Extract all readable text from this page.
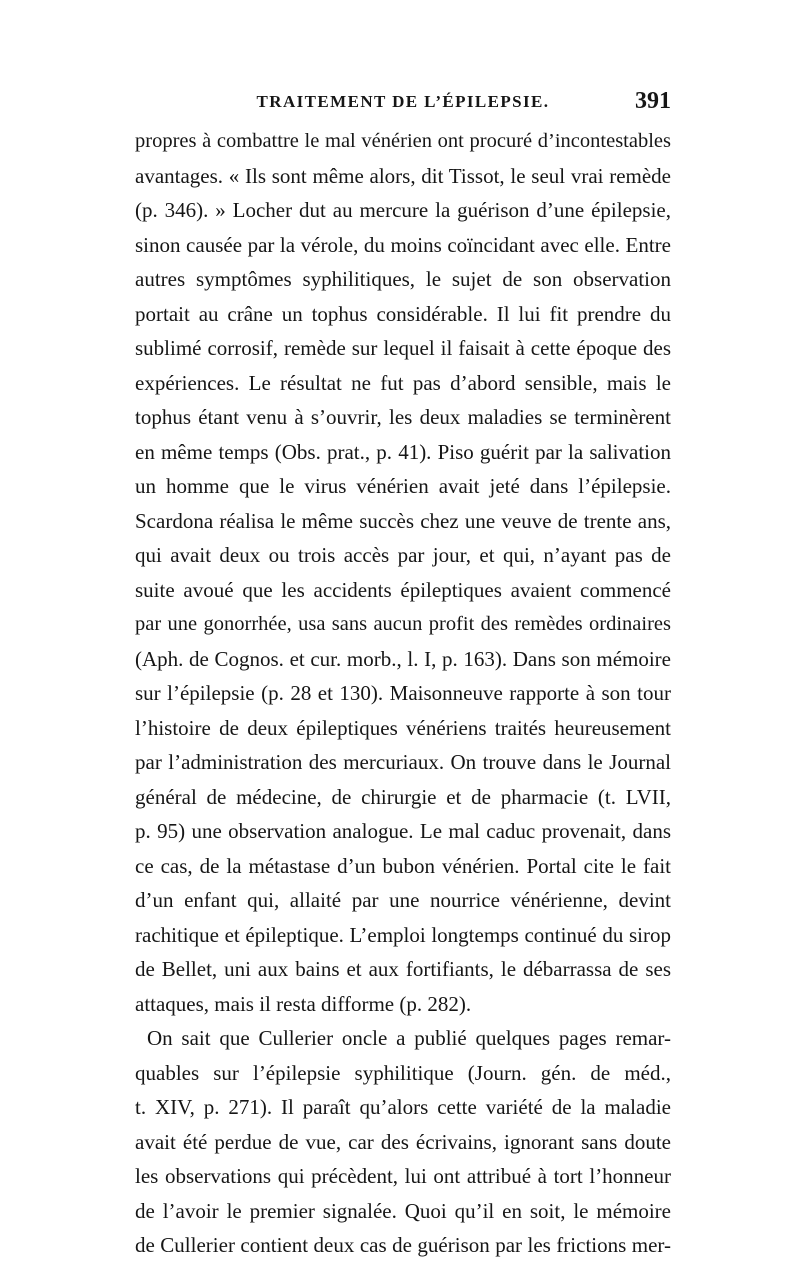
TRAITEMENT DE L’ÉPILEPSIE.	391
propres à combattre le mal vénérien ont procuré d’incontestables
avantages. « Ils sont même alors, dit Tissot, le seul vrai remède
(p. 346). » Locher dut au mercure la guérison d’une épilepsie,
sinon causée par la vérole, du moins coïncidant avec elle. Entre
autres symptômes syphilitiques, le sujet de son observation
portait au crâne un tophus considérable. Il lui fit prendre du
sublimé corrosif, remède sur lequel il faisait à cette époque des
expériences. Le résultat ne fut pas d’abord sensible, mais le
tophus étant venu à s’ouvrir, les deux maladies se terminèrent
en même temps (Obs. prat., p. 41). Piso guérit par la salivation
un homme que le virus vénérien avait jeté dans l’épilepsie.
Scardona réalisa le même succès chez une veuve de trente ans,
qui avait deux ou trois accès par jour, et qui, n’ayant pas de
suite avoué que les accidents épileptiques avaient commencé
par une gonorrhée, usa sans aucun profit des remèdes ordinaires
(Aph. de Cognos. et cur. morb., l. I, p. 163). Dans son mémoire
sur l’épilepsie (p. 28 et 130). Maisonneuve rapporte à son tour
l’histoire de deux épileptiques vénériens traités heureusement
par l’administration des mercuriaux. On trouve dans le Journal
général de médecine, de chirurgie et de pharmacie (t. LVII,
p. 95) une observation analogue. Le mal caduc provenait, dans
ce cas, de la métastase d’un bubon vénérien. Portal cite le fait
d’un enfant qui, allaité par une nourrice vénérienne, devint
rachitique et épileptique. L’emploi longtemps continué du sirop
de Bellet, uni aux bains et aux fortifiants, le débarrassa de ses
attaques, mais il resta difforme (p. 282).
On sait que Cullerier oncle a publié quelques pages remar-
quables sur l’épilepsie syphilitique (Journ. gén. de méd.,
t. XIV, p. 271). Il paraît qu’alors cette variété de la maladie
avait été perdue de vue, car des écrivains, ignorant sans doute
les observations qui précèdent, lui ont attribué à tort l’honneur
de l’avoir le premier signalée. Quoi qu’il en soit, le mémoire
de Cullerier contient deux cas de guérison par les frictions mer-
